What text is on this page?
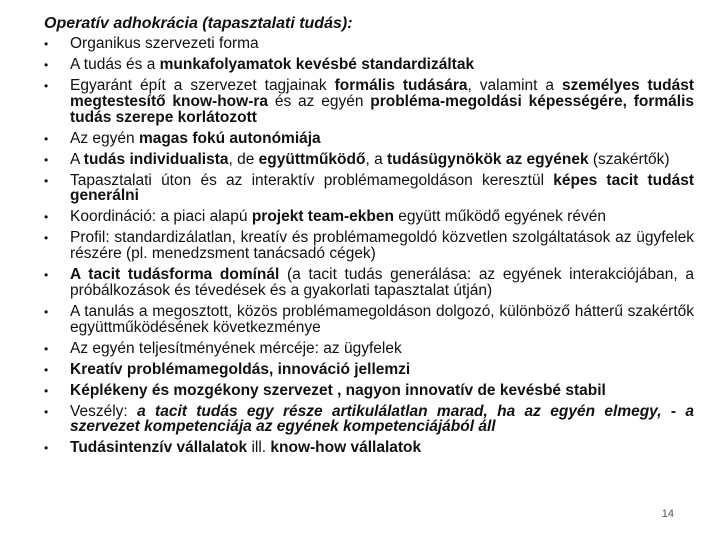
Operatív adhokrácia (tapasztalati tudás):
• Organikus szervezeti forma
• A tudás és a munkafolyamatok kevésbé standardizáltak
• Egyaránt épít a szervezet tagjainak formális tudására, valamint a személyes tudást megtestesítő know-how-ra és az egyén probléma-megoldási képességére, formális tudás szerepe korlátozott
• Az egyén magas fokú autonómiája
• A tudás individualista, de együttműködő, a tudásügynökök az egyének (szakértők)
• Tapasztalati úton és az interaktív problémamegoldáson keresztül képes tacit tudást generálni
• Koordináció: a piaci alapú projekt team-ekben együtt működő egyének révén
• Profil: standardizálatlan, kreatív és problémamegoldó közvetlen szolgáltatások az ügyfelek részére (pl. menedzsment tanácsadó cégek)
• A tacit tudásforma domínál (a tacit tudás generálása: az egyének interakciójában, a próbálkozások és tévedések és a gyakorlati tapasztalat útján)
• A tanulás a megosztott, közös problémamegoldáson dolgozó, különböző hátterű szakértők együttműködésének következménye
• Az egyén teljesítményének mércéje: az ügyfelek
• Kreatív problémamegoldás, innováció jellemzi
• Képlékeny és mozgékony szervezet , nagyon innovatív de kevésbé stabil
• Veszély: a tacit tudás egy része artikulálatlan marad, ha az egyén elmegy, - a szervezet kompetenciája az egyének kompetenciájából áll
• Tudásintenzív vállalatok ill. know-how vállalatok
14
